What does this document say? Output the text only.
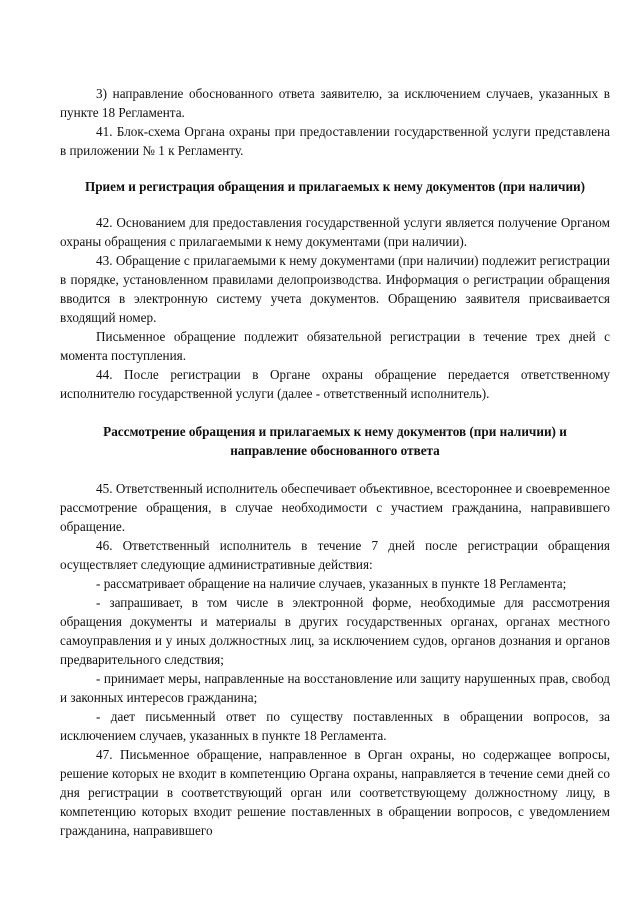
3) направление обоснованного ответа заявителю, за исключением случаев, указанных в пункте 18 Регламента.

41. Блок-схема Органа охраны при предоставлении государственной услуги представлена в приложении № 1 к Регламенту.

Прием и регистрация обращения и прилагаемых к нему документов (при наличии)

42. Основанием для предоставления государственной услуги является получение Органом охраны обращения с прилагаемыми к нему документами (при наличии).

43. Обращение с прилагаемыми к нему документами (при наличии) подлежит регистрации в порядке, установленном правилами делопроизводства. Информация о регистрации обращения вводится в электронную систему учета документов. Обращению заявителя присваивается входящий номер.

Письменное обращение подлежит обязательной регистрации в течение трех дней с момента поступления.

44. После регистрации в Органе охраны обращение передается ответственному исполнителю государственной услуги (далее - ответственный исполнитель).

Рассмотрение обращения и прилагаемых к нему документов (при наличии) и направление обоснованного ответа

45. Ответственный исполнитель обеспечивает объективное, всестороннее и своевременное рассмотрение обращения, в случае необходимости с участием гражданина, направившего обращение.

46. Ответственный исполнитель в течение 7 дней после регистрации обращения осуществляет следующие административные действия:

- рассматривает обращение на наличие случаев, указанных в пункте 18 Регламента;

- запрашивает, в том числе в электронной форме, необходимые для рассмотрения обращения документы и материалы в других государственных органах, органах местного самоуправления и у иных должностных лиц, за исключением судов, органов дознания и органов предварительного следствия;

- принимает меры, направленные на восстановление или защиту нарушенных прав, свобод и законных интересов гражданина;

- дает письменный ответ по существу поставленных в обращении вопросов, за исключением случаев, указанных в пункте 18 Регламента.

47. Письменное обращение, направленное в Орган охраны, но содержащее вопросы, решение которых не входит в компетенцию Органа охраны, направляется в течение семи дней со дня регистрации в соответствующий орган или соответствующему должностному лицу, в компетенцию которых входит решение поставленных в обращении вопросов, с уведомлением гражданина, направившего
